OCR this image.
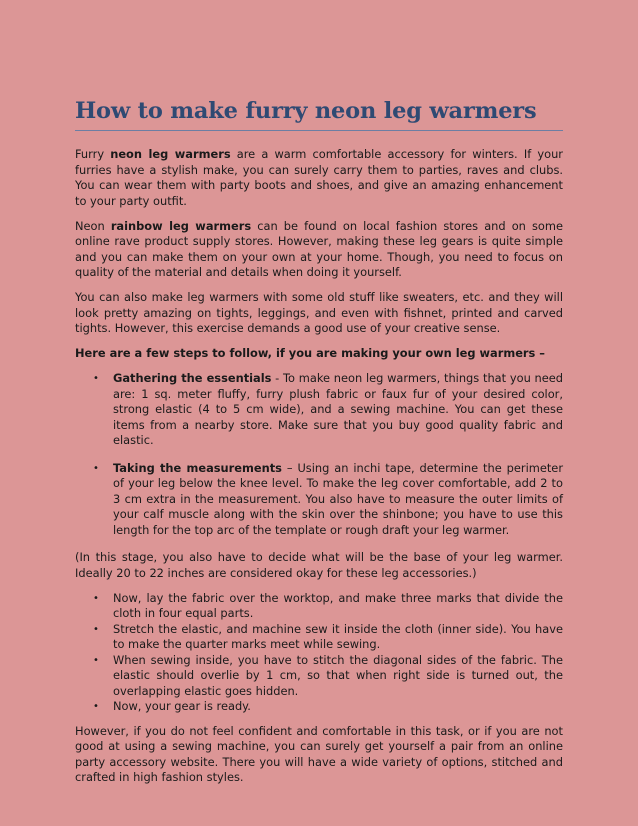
How to make furry neon leg warmers

Furry neon leg warmers are a warm comfortable accessory for winters. If your furries have a stylish make, you can surely carry them to parties, raves and clubs. You can wear them with party boots and shoes, and give an amazing enhancement to your party outfit.

Neon rainbow leg warmers can be found on local fashion stores and on some online rave product supply stores. However, making these leg gears is quite simple and you can make them on your own at your home. Though, you need to focus on quality of the material and details when doing it yourself.

You can also make leg warmers with some old stuff like sweaters, etc. and they will look pretty amazing on tights, leggings, and even with fishnet, printed and carved tights. However, this exercise demands a good use of your creative sense.

Here are a few steps to follow, if you are making your own leg warmers –

• Gathering the essentials - To make neon leg warmers, things that you need are: 1 sq. meter fluffy, furry plush fabric or faux fur of your desired color, strong elastic (4 to 5 cm wide), and a sewing machine. You can get these items from a nearby store. Make sure that you buy good quality fabric and elastic.
• Taking the measurements – Using an inchi tape, determine the perimeter of your leg below the knee level. To make the leg cover comfortable, add 2 to 3 cm extra in the measurement. You also have to measure the outer limits of your calf muscle along with the skin over the shinbone; you have to use this length for the top arc of the template or rough draft your leg warmer.

(In this stage, you also have to decide what will be the base of your leg warmer. Ideally 20 to 22 inches are considered okay for these leg accessories.)

• Now, lay the fabric over the worktop, and make three marks that divide the cloth in four equal parts.
• Stretch the elastic, and machine sew it inside the cloth (inner side). You have to make the quarter marks meet while sewing.
• When sewing inside, you have to stitch the diagonal sides of the fabric. The elastic should overlie by 1 cm, so that when right side is turned out, the overlapping elastic goes hidden.
• Now, your gear is ready.

However, if you do not feel confident and comfortable in this task, or if you are not good at using a sewing machine, you can surely get yourself a pair from an online party accessory website. There you will have a wide variety of options, stitched and crafted in high fashion styles.
